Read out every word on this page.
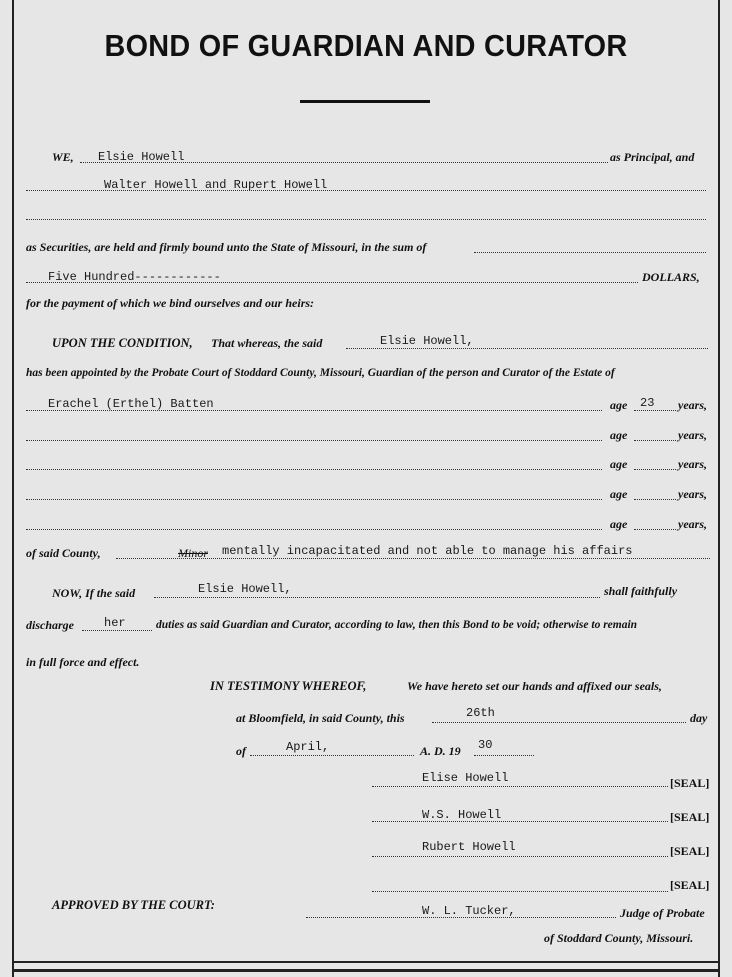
BOND OF GUARDIAN AND CURATOR
WE, Elsie Howell	as Principal, and
Walter Howell and Rupert Howell
as Securities, are held and firmly bound unto the State of Missouri, in the sum of
Five Hundred------------	DOLLARS,
for the payment of which we bind ourselves and our heirs:
UPON THE CONDITION, That whereas, the said	Elsie Howell,
has been appointed by the Probate Court of Stoddard County, Missouri, Guardian of the person and Curator of the Estate of
Erachel (Erthel) Batten	age 23 years,
age	years,
age	years,
age	years,
age	years,
of said County,	Minor mentally incapacitated and not able to manage his affairs
NOW, If the said	Elsie Howell,	shall faithfully
discharge	her	duties as said Guardian and Curator, according to law, then this Bond to be void; otherwise to remain
in full force and effect.
IN TESTIMONY WHEREOF,	We have hereto set our hands and affixed our seals,
at Bloomfield, in said County, this	26th	day
of	April,	A. D. 19 30
Elise Howell	[SEAL]
W.S. Howell	[SEAL]
Rubert Howell	[SEAL]
[SEAL]
APPROVED BY THE COURT:	W. L. Tucker,	Judge of Probate
of Stoddard County, Missouri.
